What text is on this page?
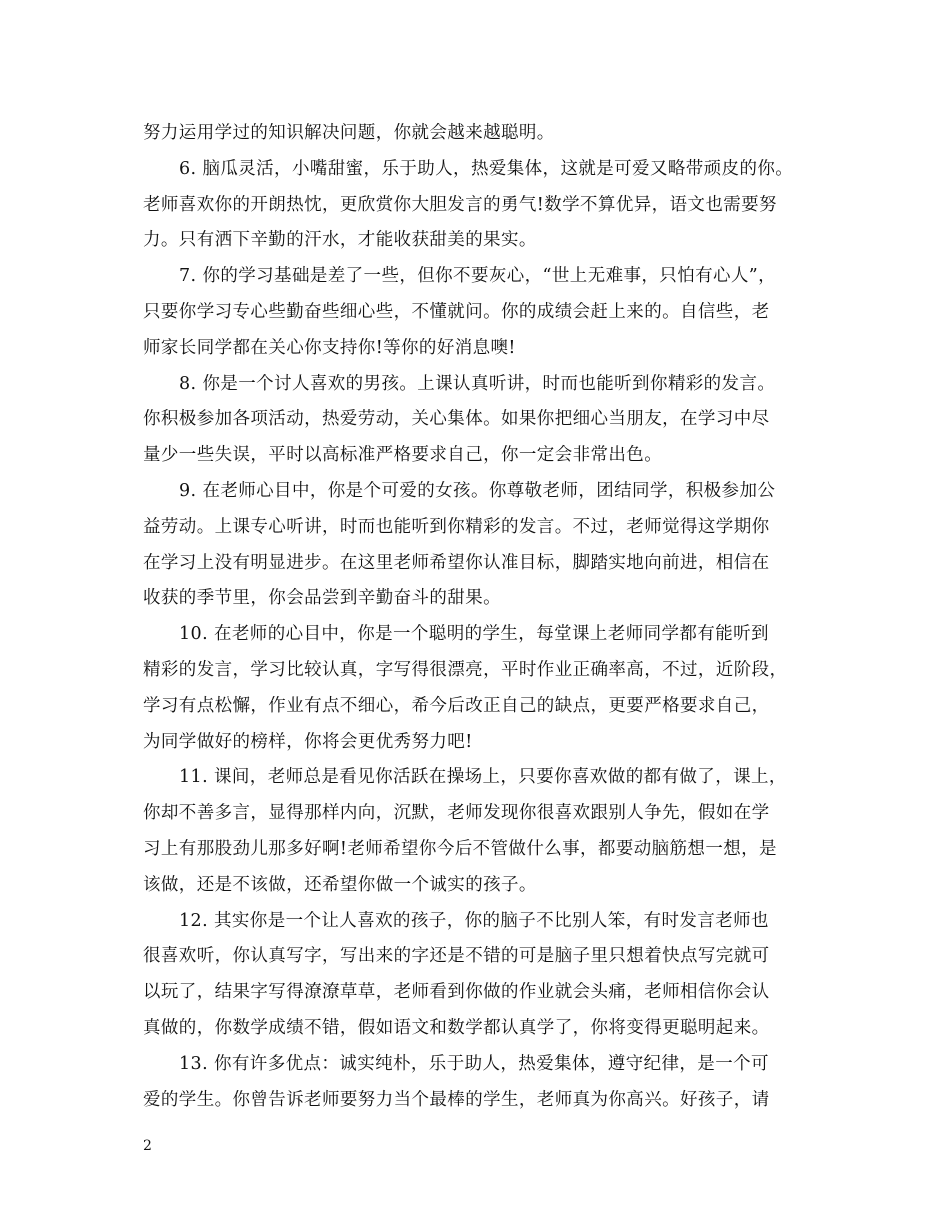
努力运用学过的知识解决问题，你就会越来越聪明。
6. 脑瓜灵活，小嘴甜蜜，乐于助人，热爱集体，这就是可爱又略带顽皮的你。
老师喜欢你的开朗热忱，更欣赏你大胆发言的勇气!数学不算优异，语文也需要努
力。只有洒下辛勤的汗水，才能收获甜美的果实。
7. 你的学习基础是差了一些，但你不要灰心，“世上无难事，只怕有心人”，
只要你学习专心些勤奋些细心些，不懂就问。你的成绩会赶上来的。自信些，老
师家长同学都在关心你支持你!等你的好消息噢!
8. 你是一个讨人喜欢的男孩。上课认真听讲，时而也能听到你精彩的发言。
你积极参加各项活动，热爱劳动，关心集体。如果你把细心当朋友，在学习中尽
量少一些失误，平时以高标准严格要求自己，你一定会非常出色。
9. 在老师心目中，你是个可爱的女孩。你尊敬老师，团结同学，积极参加公
益劳动。上课专心听讲，时而也能听到你精彩的发言。不过，老师觉得这学期你
在学习上没有明显进步。在这里老师希望你认准目标，脚踏实地向前进，相信在
收获的季节里，你会品尝到辛勤奋斗的甜果。
10. 在老师的心目中，你是一个聪明的学生，每堂课上老师同学都有能听到
精彩的发言，学习比较认真，字写得很漂亮，平时作业正确率高，不过，近阶段，
学习有点松懈，作业有点不细心，希今后改正自己的缺点，更要严格要求自己，
为同学做好的榜样，你将会更优秀努力吧!
11. 课间，老师总是看见你活跃在操场上，只要你喜欢做的都有做了，课上，
你却不善多言，显得那样内向，沉默，老师发现你很喜欢跟别人争先，假如在学
习上有那股劲儿那多好啊!老师希望你今后不管做什么事，都要动脑筋想一想，是
该做，还是不该做，还希望你做一个诚实的孩子。
12. 其实你是一个让人喜欢的孩子，你的脑子不比别人笨，有时发言老师也
很喜欢听，你认真写字，写出来的字还是不错的可是脑子里只想着快点写完就可
以玩了，结果字写得潦潦草草，老师看到你做的作业就会头痛，老师相信你会认
真做的，你数学成绩不错，假如语文和数学都认真学了，你将变得更聪明起来。
13. 你有许多优点：诚实纯朴，乐于助人，热爱集体，遵守纪律，是一个可
爱的学生。你曾告诉老师要努力当个最棒的学生，老师真为你高兴。好孩子，请
2
